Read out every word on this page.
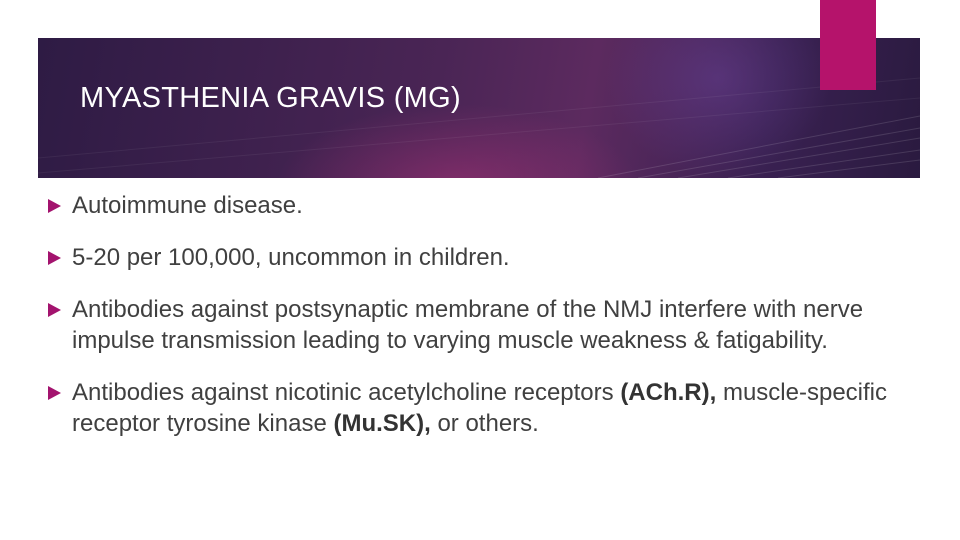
MYASTHENIA GRAVIS (MG)
Autoimmune disease.
5-20 per 100,000, uncommon in children.
Antibodies against postsynaptic membrane of the NMJ interfere with nerve impulse transmission leading to varying muscle weakness & fatigability.
Antibodies against nicotinic acetylcholine receptors (ACh.R), muscle-specific receptor tyrosine kinase (Mu.SK), or others.
